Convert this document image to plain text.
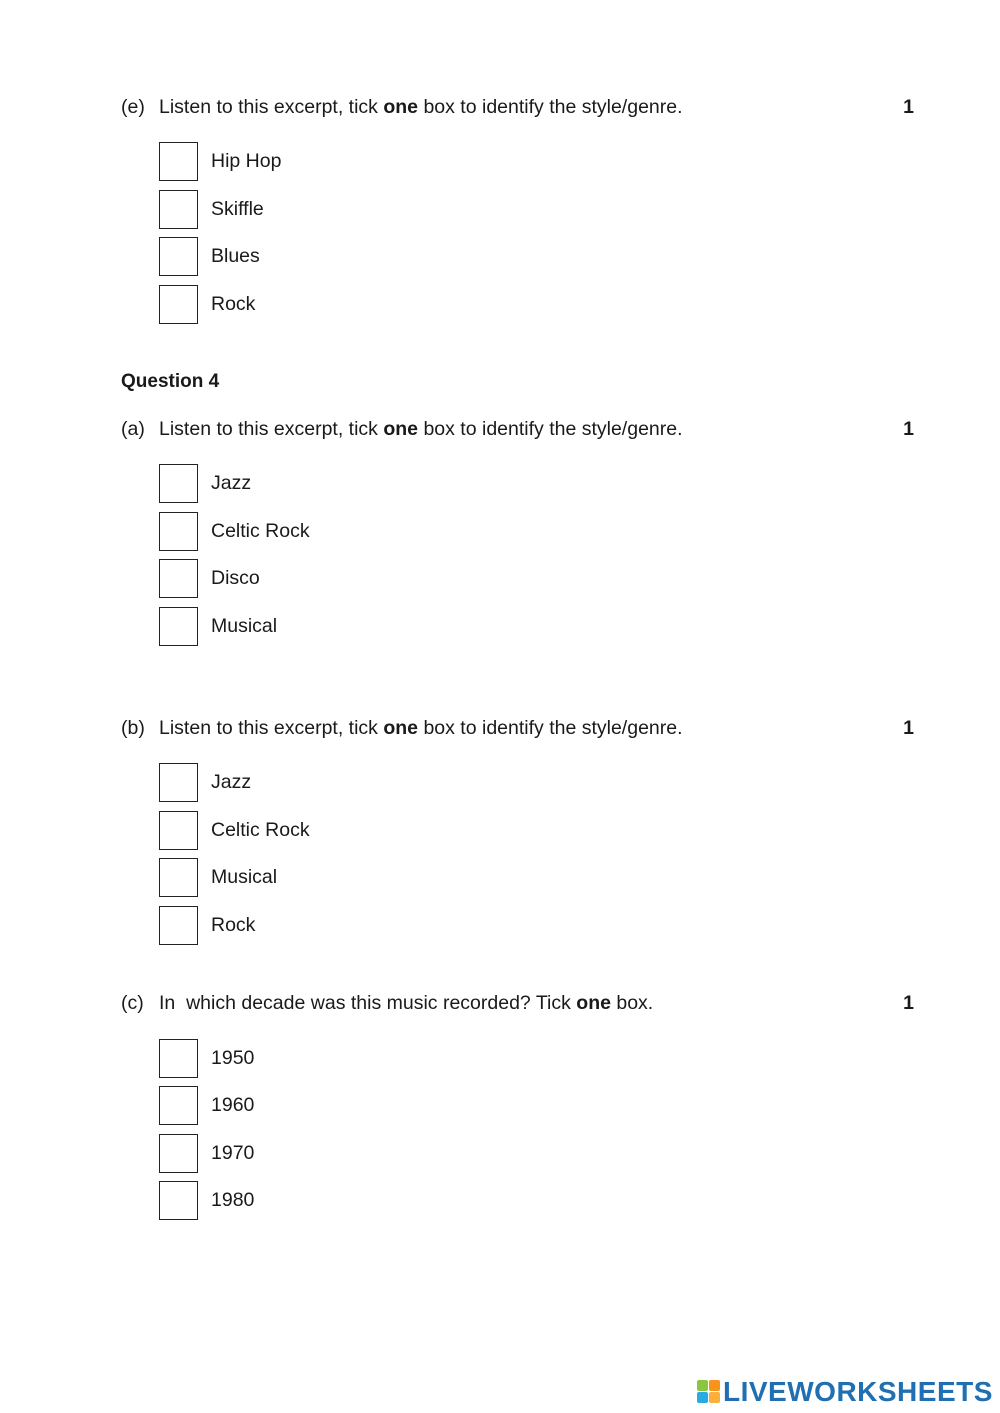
(e) Listen to this excerpt, tick one box to identify the style/genre.	1
Hip Hop
Skiffle
Blues
Rock
Question 4
(a) Listen to this excerpt, tick one box to identify the style/genre.	1
Jazz
Celtic Rock
Disco
Musical
(b) Listen to this excerpt, tick one box to identify the style/genre.	1
Jazz
Celtic Rock
Musical
Rock
(c) In  which decade was this music recorded? Tick one box.	1
1950
1960
1970
1980
LIVEWORKSHEETS
